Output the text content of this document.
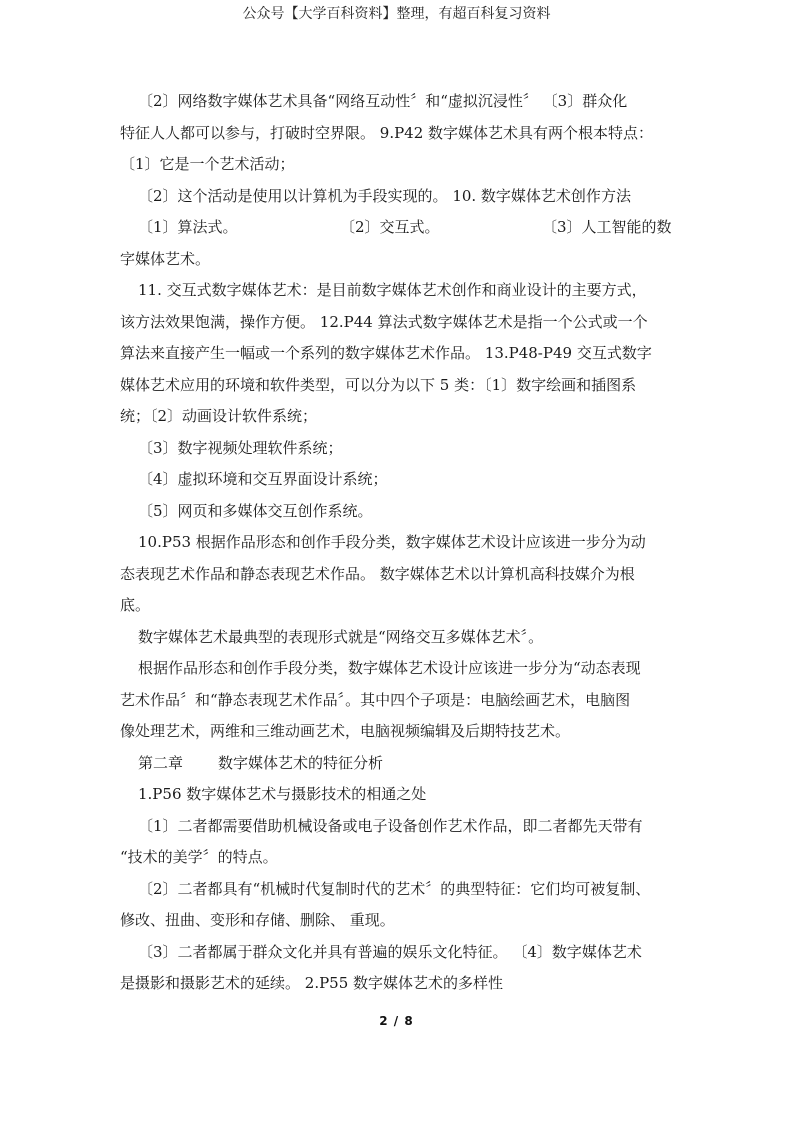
公众号【大学百科资料】整理，有超百科复习资料
〔2〕网络数字媒体艺术具备“网络互动性〞和“虚拟沉浸性〞 〔3〕群众化
特征人人都可以参与，打破时空界限。 9.P42 数字媒体艺术具有两个根本特点：
〔1〕它是一个艺术活动；
〔2〕这个活动是使用以计算机为手段实现的。 10. 数字媒体艺术创作方法
〔1〕算法式。	〔2〕交互式。	〔3〕人工智能的数
字媒体艺术。
11. 交互式数字媒体艺术：是目前数字媒体艺术创作和商业设计的主要方式，
该方法效果饱满，操作方便。 12.P44 算法式数字媒体艺术是指一个公式或一个
算法来直接产生一幅或一个系列的数字媒体艺术作品。 13.P48-P49 交互式数字
媒体艺术应用的环境和软件类型，可以分为以下 5 类：〔1〕数字绘画和插图系
统；〔2〕动画设计软件系统；
〔3〕数字视频处理软件系统；
〔4〕虚拟环境和交互界面设计系统；
〔5〕网页和多媒体交互创作系统。
10.P53 根据作品形态和创作手段分类，数字媒体艺术设计应该进一步分为动
态表现艺术作品和静态表现艺术作品。 数字媒体艺术以计算机高科技媒介为根
底。
数字媒体艺术最典型的表现形式就是“网络交互多媒体艺术〞。
根据作品形态和创作手段分类，数字媒体艺术设计应该进一步分为“动态表现
艺术作品〞和“静态表现艺术作品〞。其中四个子项是：电脑绘画艺术，电脑图
像处理艺术，两维和三维动画艺术，电脑视频编辑及后期特技艺术。
第二章	数字媒体艺术的特征分析
1.P56 数字媒体艺术与摄影技术的相通之处
〔1〕二者都需要借助机械设备或电子设备创作艺术作品，即二者都先天带有
“技术的美学〞的特点。
〔2〕二者都具有“机械时代复制时代的艺术〞的典型特征：它们均可被复制、
修改、扭曲、变形和存储、删除、 重现。
〔3〕二者都属于群众文化并具有普遍的娱乐文化特征。 〔4〕数字媒体艺术
是摄影和摄影艺术的延续。 2.P55 数字媒体艺术的多样性
2 / 8
